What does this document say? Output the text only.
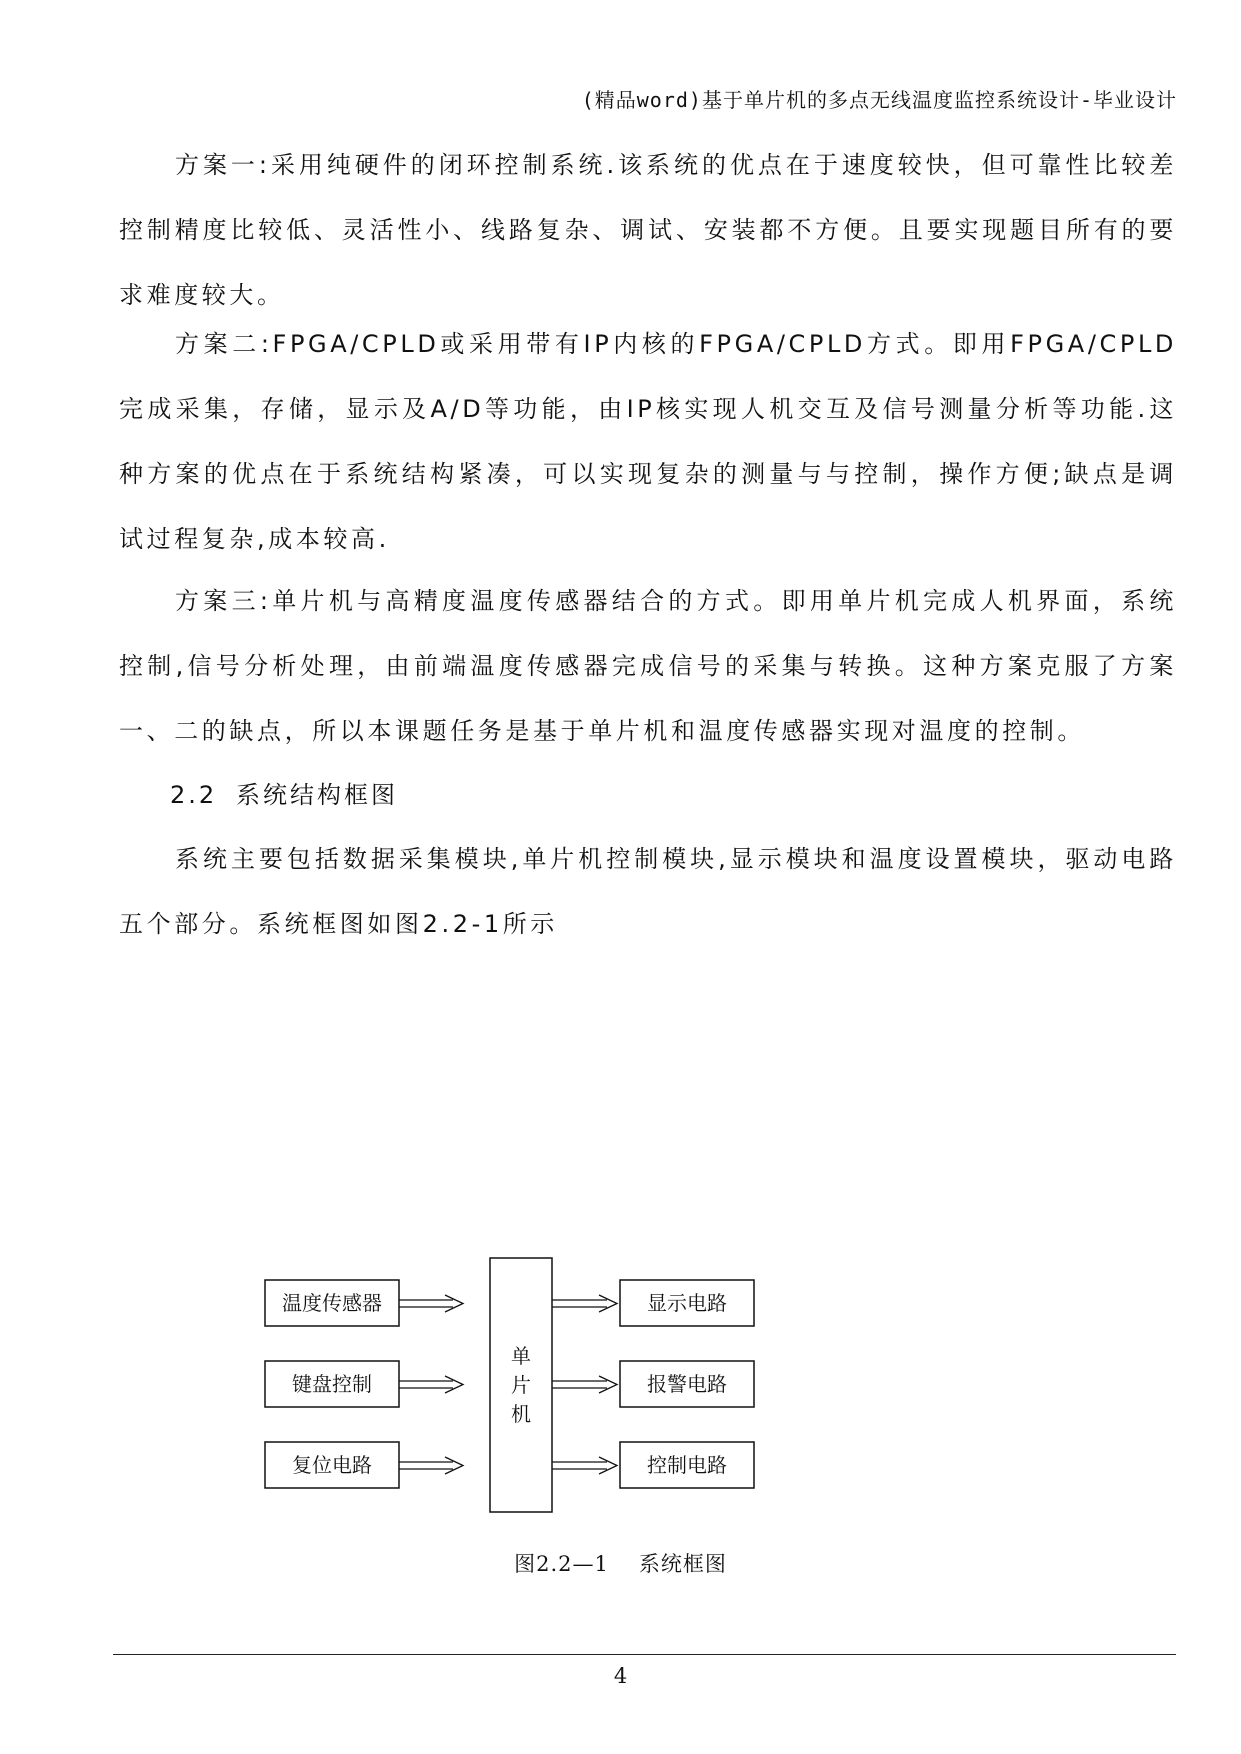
(精品word)基于单片机的多点无线温度监控系统设计-毕业设计

方案一:采用纯硬件的闭环控制系统.该系统的优点在于速度较快，但可靠性比较差控制精度比较低、灵活性小、线路复杂、调试、安装都不方便。且要实现题目所有的要求难度较大。

方案二:FPGA/CPLD或采用带有IP内核的FPGA/CPLD方式。即用FPGA/CPLD完成采集，存储，显示及A/D等功能，由IP核实现人机交互及信号测量分析等功能.这种方案的优点在于系统结构紧凑，可以实现复杂的测量与与控制，操作方便;缺点是调试过程复杂,成本较高.

方案三:单片机与高精度温度传感器结合的方式。即用单片机完成人机界面，系统控制,信号分析处理，由前端温度传感器完成信号的采集与转换。这种方案克服了方案一、二的缺点，所以本课题任务是基于单片机和温度传感器实现对温度的控制。

2.2 系统结构框图

系统主要包括数据采集模块,单片机控制模块,显示模块和温度设置模块，驱动电路五个部分。系统框图如图2.2-1所示

温度传感器
键盘控制
复位电路
单
片
机
显示电路
报警电路
控制电路
图2.2—1 系统框图
4
